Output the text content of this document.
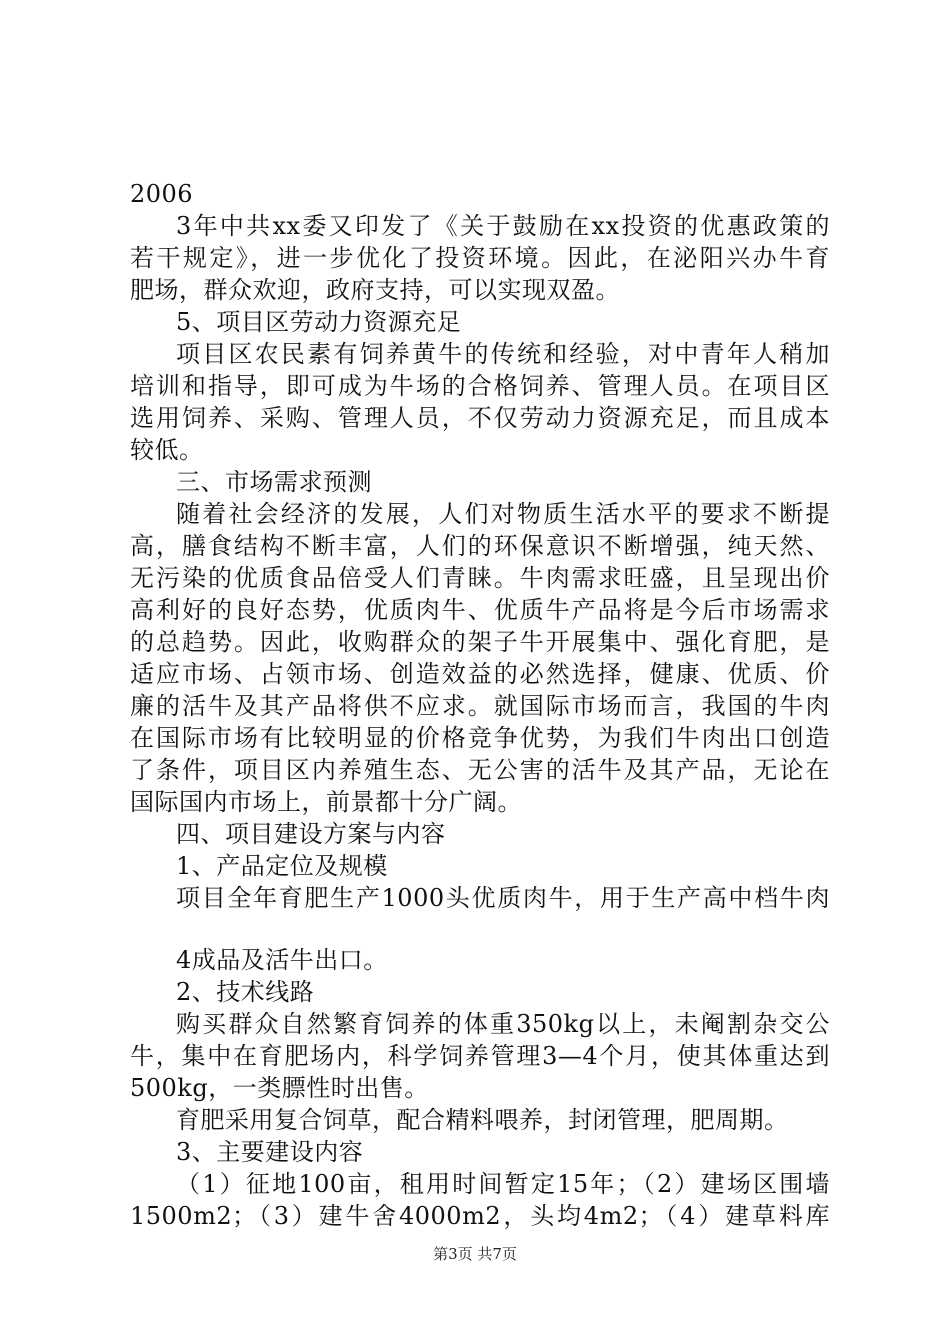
2006
3年中共xx委又印发了《关于鼓励在xx投资的优惠政策的
若干规定》，进一步优化了投资环境。因此，在泌阳兴办牛育
肥场，群众欢迎，政府支持，可以实现双盈。
5、项目区劳动力资源充足
项目区农民素有饲养黄牛的传统和经验，对中青年人稍加
培训和指导，即可成为牛场的合格饲养、管理人员。在项目区
选用饲养、采购、管理人员，不仅劳动力资源充足，而且成本
较低。
三、市场需求预测
随着社会经济的发展，人们对物质生活水平的要求不断提
高，膳食结构不断丰富，人们的环保意识不断增强，纯天然、
无污染的优质食品倍受人们青睐。牛肉需求旺盛，且呈现出价
高利好的良好态势，优质肉牛、优质牛产品将是今后市场需求
的总趋势。因此，收购群众的架子牛开展集中、强化育肥，是
适应市场、占领市场、创造效益的必然选择，健康、优质、价
廉的活牛及其产品将供不应求。就国际市场而言，我国的牛肉
在国际市场有比较明显的价格竞争优势，为我们牛肉出口创造
了条件，项目区内养殖生态、无公害的活牛及其产品，无论在
国际国内市场上，前景都十分广阔。
四、项目建设方案与内容
1、产品定位及规模
项目全年育肥生产1000头优质肉牛，用于生产高中档牛肉
4成品及活牛出口。
2、技术线路
购买群众自然繁育饲养的体重350kg以上，未阉割杂交公
牛，集中在育肥场内，科学饲养管理3—4个月，使其体重达到
500kg，一类膘性时出售。
育肥采用复合饲草，配合精料喂养，封闭管理，肥周期。
3、主要建设内容
（1）征地100亩，租用时间暂定15年；（2）建场区围墙
1500m2；（3）建牛舍4000m2，头均4m2；（4）建草料库
第3页 共7页
